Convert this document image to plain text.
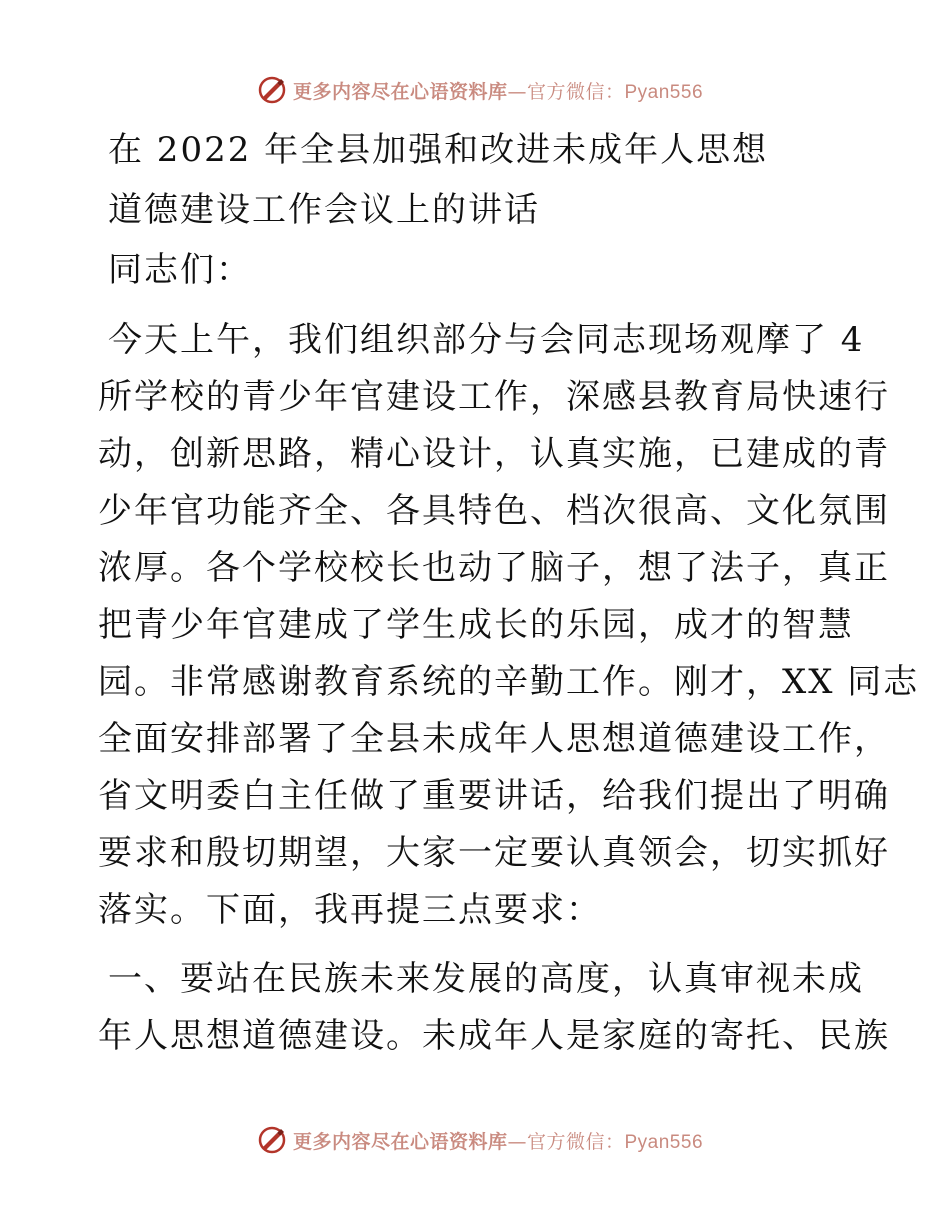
更多内容尽在心语资料库—官方微信：Pyan556
在 2022 年全县加强和改进未成年人思想
道德建设工作会议上的讲话
同志们：
今天上午，我们组织部分与会同志现场观摩了 4
所学校的青少年官建设工作，深感县教育局快速行
动，创新思路，精心设计，认真实施，已建成的青
少年官功能齐全、各具特色、档次很高、文化氛围
浓厚。各个学校校长也动了脑子，想了法子，真正
把青少年官建成了学生成长的乐园，成才的智慧
园。非常感谢教育系统的辛勤工作。刚才，XX 同志
全面安排部署了全县未成年人思想道德建设工作，
省文明委白主任做了重要讲话，给我们提出了明确
要求和殷切期望，大家一定要认真领会，切实抓好
落实。下面，我再提三点要求：
一、要站在民族未来发展的高度，认真审视未成
年人思想道德建设。未成年人是家庭的寄托、民族
更多内容尽在心语资料库—官方微信：Pyan556
